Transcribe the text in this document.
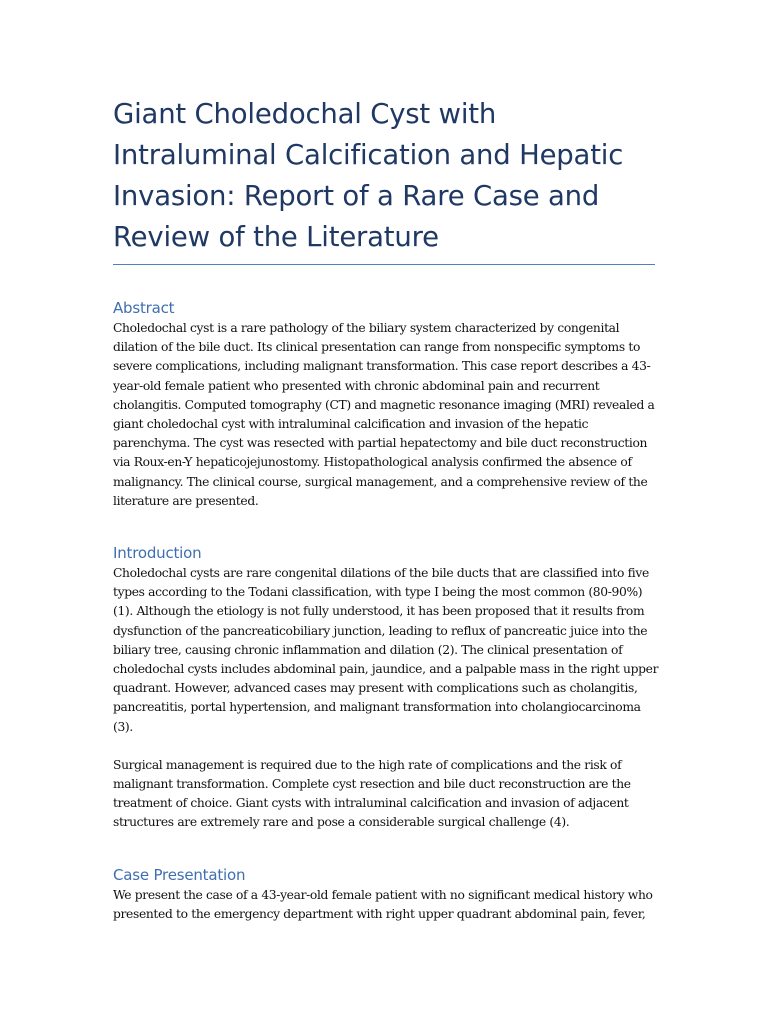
Giant Choledochal Cyst with
Intraluminal Calcification and Hepatic
Invasion: Report of a Rare Case and
Review of the Literature
Abstract

Choledochal cyst is a rare pathology of the biliary system characterized by congenital
dilation of the bile duct. Its clinical presentation can range from nonspecific symptoms to
severe complications, including malignant transformation. This case report describes a 43-
year-old female patient who presented with chronic abdominal pain and recurrent
cholangitis. Computed tomography (CT) and magnetic resonance imaging (MRI) revealed a
giant choledochal cyst with intraluminal calcification and invasion of the hepatic
parenchyma. The cyst was resected with partial hepatectomy and bile duct reconstruction
via Roux-en-Y hepaticojejunostomy. Histopathological analysis confirmed the absence of
malignancy. The clinical course, surgical management, and a comprehensive review of the
literature are presented.

Introduction

Choledochal cysts are rare congenital dilations of the bile ducts that are classified into five
types according to the Todani classification, with type I being the most common (80-90%)
(1). Although the etiology is not fully understood, it has been proposed that it results from
dysfunction of the pancreaticobiliary junction, leading to reflux of pancreatic juice into the
biliary tree, causing chronic inflammation and dilation (2). The clinical presentation of
choledochal cysts includes abdominal pain, jaundice, and a palpable mass in the right upper
quadrant. However, advanced cases may present with complications such as cholangitis,
pancreatitis, portal hypertension, and malignant transformation into cholangiocarcinoma
(3).

Surgical management is required due to the high rate of complications and the risk of
malignant transformation. Complete cyst resection and bile duct reconstruction are the
treatment of choice. Giant cysts with intraluminal calcification and invasion of adjacent
structures are extremely rare and pose a considerable surgical challenge (4).

Case Presentation

We present the case of a 43-year-old female patient with no significant medical history who
presented to the emergency department with right upper quadrant abdominal pain, fever,
